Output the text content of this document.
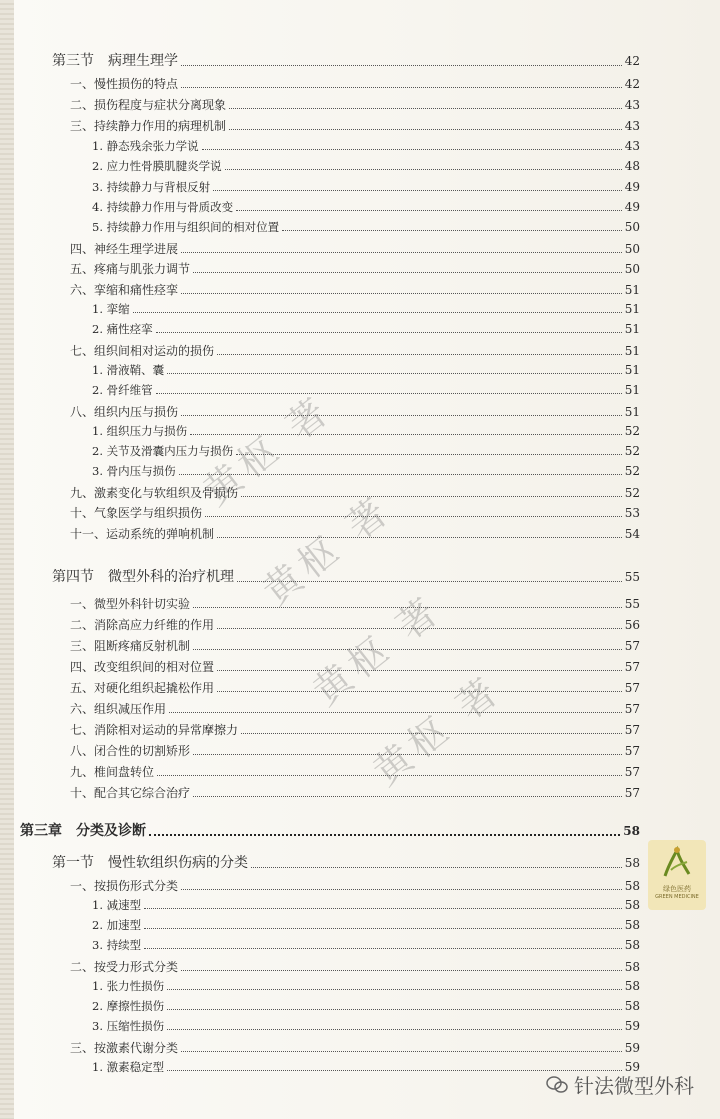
第三节　病理生理学	42
一、慢性损伤的特点	42
二、损伤程度与症状分离现象	43
三、持续静力作用的病理机制	43
1. 静态残余张力学说	43
2. 应力性骨膜肌腱炎学说	48
3. 持续静力与背根反射	49
4. 持续静力作用与骨质改变	49
5. 持续静力作用与组织间的相对位置	50
四、神经生理学进展	50
五、疼痛与肌张力调节	50
六、挛缩和痛性痉挛	51
1. 挛缩	51
2. 痛性痉挛	51
七、组织间相对运动的损伤	51
1. 滑液鞘、囊	51
2. 骨纤维管	51
八、组织内压与损伤	51
1. 组织压力与损伤	52
2. 关节及滑囊内压力与损伤	52
3. 骨内压与损伤	52
九、激素变化与软组织及骨损伤	52
十、气象医学与组织损伤	53
十一、运动系统的弹响机制	54
第四节　微型外科的治疗机理	55
一、微型外科针切实验	55
二、消除高应力纤维的作用	56
三、阻断疼痛反射机制	57
四、改变组织间的相对位置	57
五、对硬化组织起撬松作用	57
六、组织减压作用	57
七、消除相对运动的异常摩擦力	57
八、闭合性的切割矫形	57
九、椎间盘转位	57
十、配合其它综合治疗	57
第三章　分类及诊断	58
第一节　慢性软组织伤病的分类	58
一、按损伤形式分类	58
1. 减速型	58
2. 加速型	58
3. 持续型	58
二、按受力形式分类	58
1. 张力性损伤	58
2. 摩擦性损伤	58
3. 压缩性损伤	59
三、按激素代谢分类	59
1. 激素稳定型	59
黄枢 著
黄枢 著
黄枢 著
黄枢 著
绿色医药
GREEN MEDICINE
针法微型外科
